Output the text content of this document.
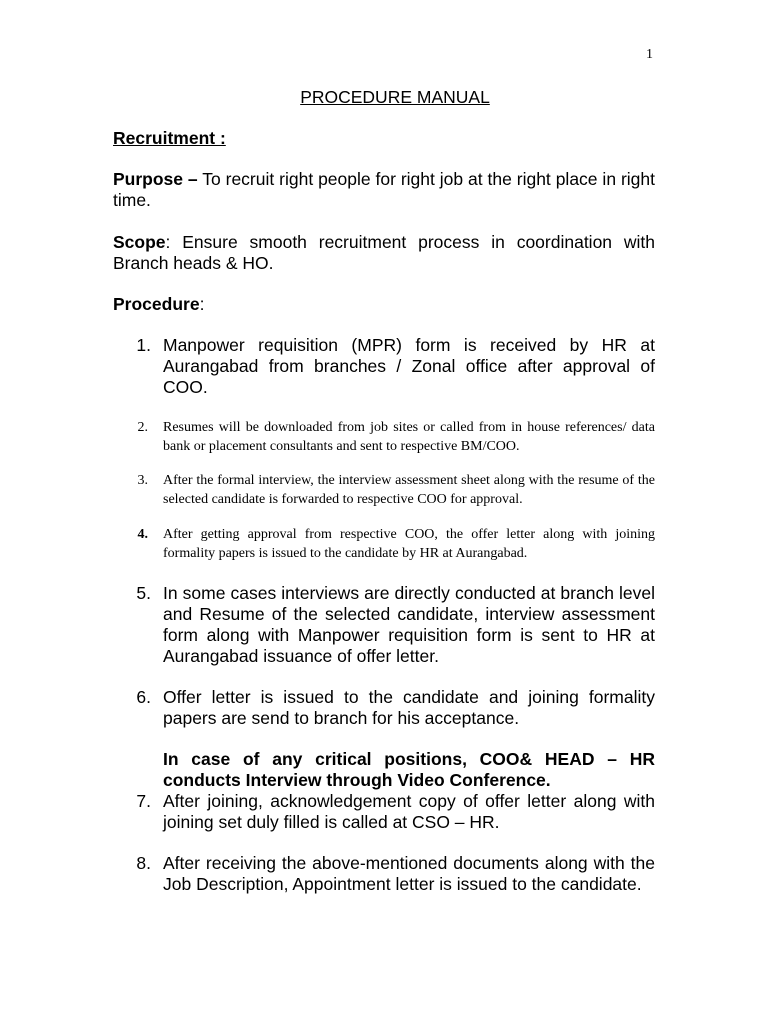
1
PROCEDURE MANUAL
Recruitment :
Purpose – To recruit right people for right job at the right place in right time.
Scope: Ensure smooth recruitment process in coordination with Branch heads & HO.
Procedure:
1. Manpower requisition (MPR) form is received by HR at Aurangabad from branches / Zonal office after approval of COO.
2. Resumes will be downloaded from job sites or called from in house references/ data bank or placement consultants and sent to respective BM/COO.
3. After the formal interview, the interview assessment sheet along with the resume of the selected candidate is forwarded to respective COO for approval.
4. After getting approval from respective COO, the offer letter along with joining formality papers is issued to the candidate by HR at Aurangabad.
5. In some cases interviews are directly conducted at branch level and Resume of the selected candidate, interview assessment form along with Manpower requisition form is sent to HR at Aurangabad issuance of offer letter.
6. Offer letter is issued to the candidate and joining formality papers are send to branch for his acceptance.
In case of any critical positions, COO& HEAD – HR conducts Interview through Video Conference.
7. After joining, acknowledgement copy of offer letter along with joining set duly filled is called at CSO – HR.
8. After receiving the above-mentioned documents along with the Job Description, Appointment letter is issued to the candidate.
